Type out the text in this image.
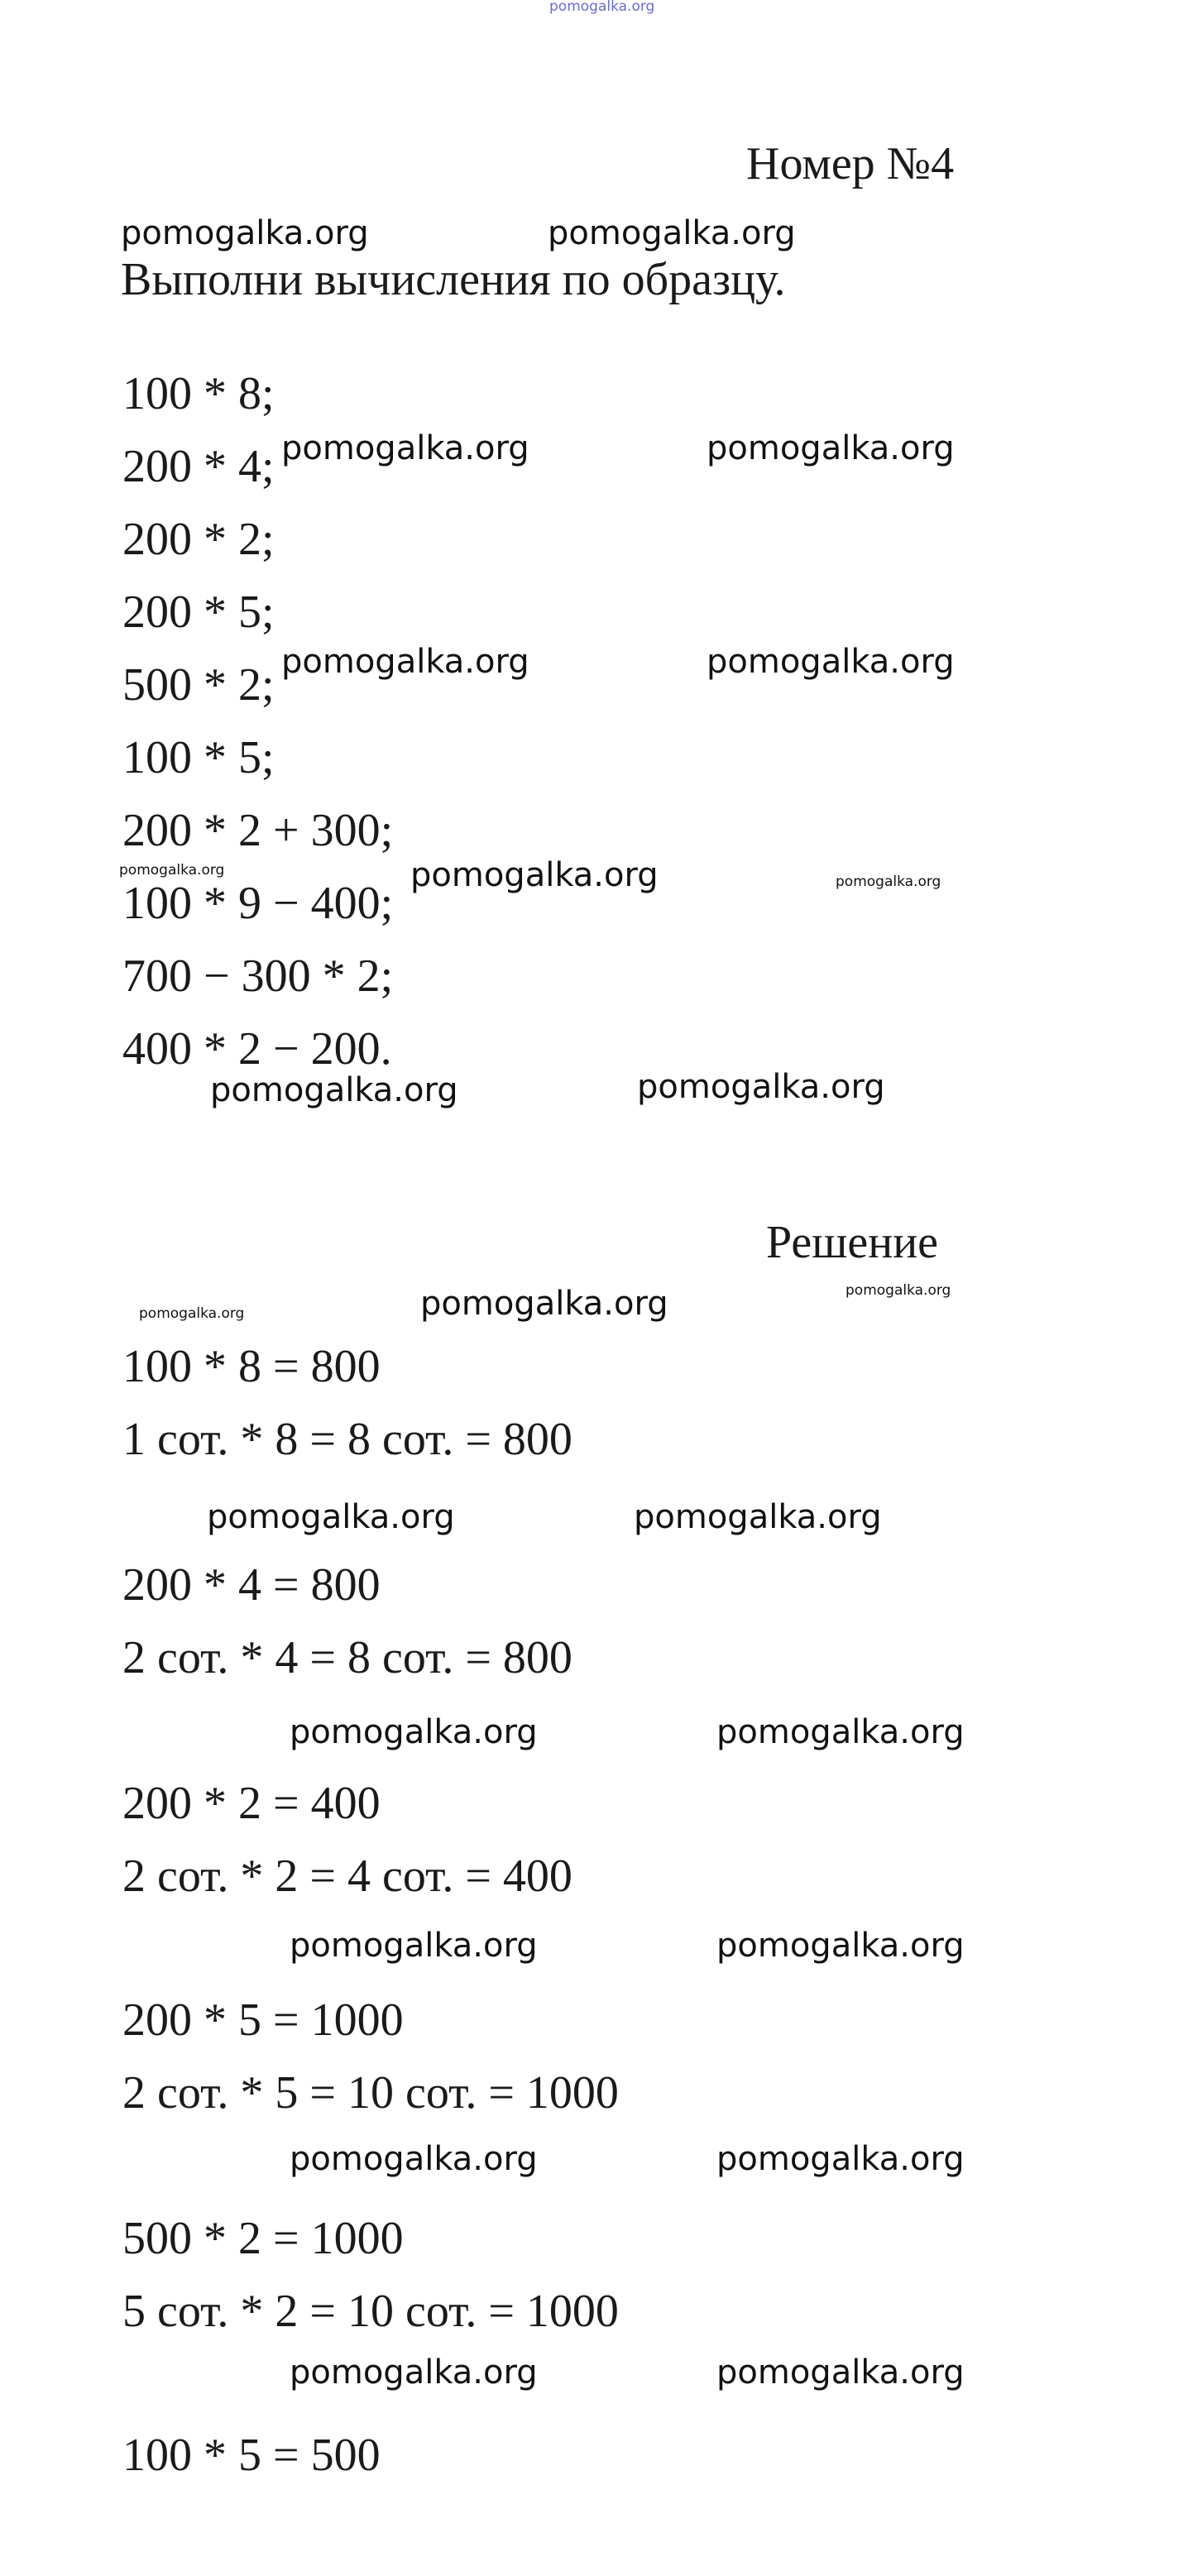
pomogalka.org
Номер №4
Выполни вычисления по образцу.
100 * 8;
200 * 4;
200 * 2;
200 * 5;
500 * 2;
100 * 5;
200 * 2 + 300;
100 * 9 − 400;
700 − 300 * 2;
400 * 2 − 200.
Решение
100 * 8 = 800
1 сот. * 8 = 8 сот. = 800
200 * 4 = 800
2 сот. * 4 = 8 сот. = 800
200 * 2 = 400
2 сот. * 2 = 4 сот. = 400
200 * 5 = 1000
2 сот. * 5 = 10 сот. = 1000
500 * 2 = 1000
5 сот. * 2 = 10 сот. = 1000
100 * 5 = 500
pomogalka.org	pomogalka.org
pomogalka.org	pomogalka.org
pomogalka.org	pomogalka.org
pomogalka.org
pomogalka.org	pomogalka.org
pomogalka.org
pomogalka.org	pomogalka.org
pomogalka.org	pomogalka.org
pomogalka.org	pomogalka.org
pomogalka.org	pomogalka.org
pomogalka.org	pomogalka.org
pomogalka.org
pomogalka.org
pomogalka.org
pomogalka.org
